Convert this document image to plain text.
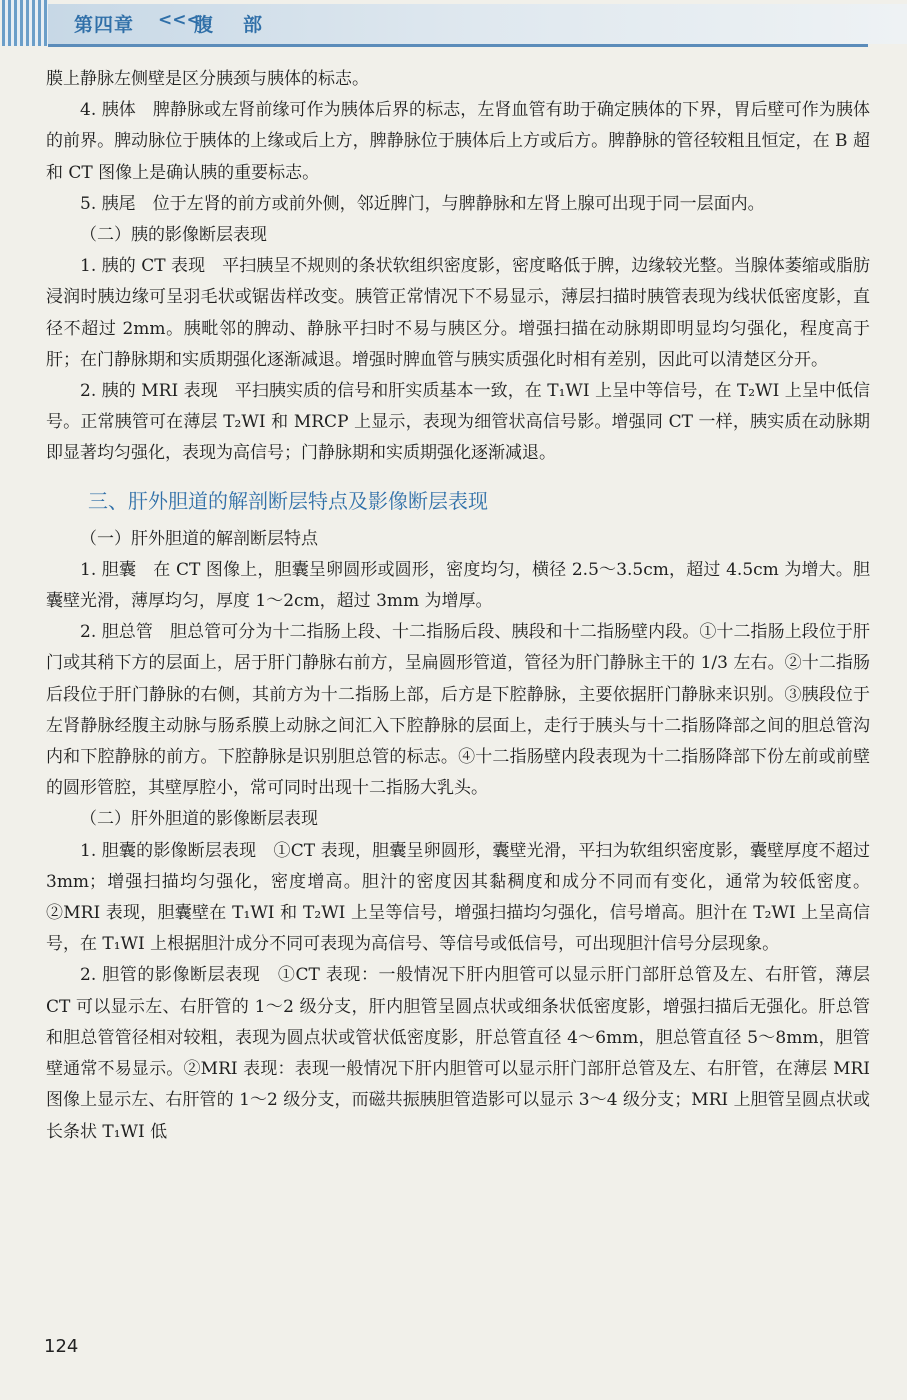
第四章 <<<
腹部

膜上静脉左侧壁是区分胰颈与胰体的标志。

4. 胰体　脾静脉或左肾前缘可作为胰体后界的标志，左肾血管有助于确定胰体的下界，胃后壁可作为胰体的前界。脾动脉位于胰体的上缘或后上方，脾静脉位于胰体后上方或后方。脾静脉的管径较粗且恒定，在 B 超和 CT 图像上是确认胰的重要标志。

5. 胰尾　位于左肾的前方或前外侧，邻近脾门，与脾静脉和左肾上腺可出现于同一层面内。

（二）胰的影像断层表现

1. 胰的 CT 表现　平扫胰呈不规则的条状软组织密度影，密度略低于脾，边缘较光整。当腺体萎缩或脂肪浸润时胰边缘可呈羽毛状或锯齿样改变。胰管正常情况下不易显示，薄层扫描时胰管表现为线状低密度影，直径不超过 2mm。胰毗邻的脾动、静脉平扫时不易与胰区分。增强扫描在动脉期即明显均匀强化，程度高于肝；在门静脉期和实质期强化逐渐减退。增强时脾血管与胰实质强化时相有差别，因此可以清楚区分开。

2. 胰的 MRI 表现　平扫胰实质的信号和肝实质基本一致，在 T₁WI 上呈中等信号，在 T₂WI 上呈中低信号。正常胰管可在薄层 T₂WI 和 MRCP 上显示，表现为细管状高信号影。增强同 CT 一样，胰实质在动脉期即显著均匀强化，表现为高信号；门静脉期和实质期强化逐渐减退。

三、肝外胆道的解剖断层特点及影像断层表现

（一）肝外胆道的解剖断层特点

1. 胆囊　在 CT 图像上，胆囊呈卵圆形或圆形，密度均匀，横径 2.5～3.5cm，超过 4.5cm 为增大。胆囊壁光滑，薄厚均匀，厚度 1～2cm，超过 3mm 为增厚。

2. 胆总管　胆总管可分为十二指肠上段、十二指肠后段、胰段和十二指肠壁内段。①十二指肠上段位于肝门或其稍下方的层面上，居于肝门静脉右前方，呈扁圆形管道，管径为肝门静脉主干的 1/3 左右。②十二指肠后段位于肝门静脉的右侧，其前方为十二指肠上部，后方是下腔静脉，主要依据肝门静脉来识别。③胰段位于左肾静脉经腹主动脉与肠系膜上动脉之间汇入下腔静脉的层面上，走行于胰头与十二指肠降部之间的胆总管沟内和下腔静脉的前方。下腔静脉是识别胆总管的标志。④十二指肠壁内段表现为十二指肠降部下份左前或前壁的圆形管腔，其壁厚腔小，常可同时出现十二指肠大乳头。

（二）肝外胆道的影像断层表现

1. 胆囊的影像断层表现　①CT 表现，胆囊呈卵圆形，囊壁光滑，平扫为软组织密度影，囊壁厚度不超过 3mm；增强扫描均匀强化，密度增高。胆汁的密度因其黏稠度和成分不同而有变化，通常为较低密度。②MRI 表现，胆囊壁在 T₁WI 和 T₂WI 上呈等信号，增强扫描均匀强化，信号增高。胆汁在 T₂WI 上呈高信号，在 T₁WI 上根据胆汁成分不同可表现为高信号、等信号或低信号，可出现胆汁信号分层现象。

2. 胆管的影像断层表现　①CT 表现：一般情况下肝内胆管可以显示肝门部肝总管及左、右肝管，薄层 CT 可以显示左、右肝管的 1～2 级分支，肝内胆管呈圆点状或细条状低密度影，增强扫描后无强化。肝总管和胆总管管径相对较粗，表现为圆点状或管状低密度影，肝总管直径 4～6mm，胆总管直径 5～8mm，胆管壁通常不易显示。②MRI 表现：表现一般情况下肝内胆管可以显示肝门部肝总管及左、右肝管，在薄层 MRI 图像上显示左、右肝管的 1～2 级分支，而磁共振胰胆管造影可以显示 3～4 级分支；MRI 上胆管呈圆点状或长条状 T₁WI 低

124
